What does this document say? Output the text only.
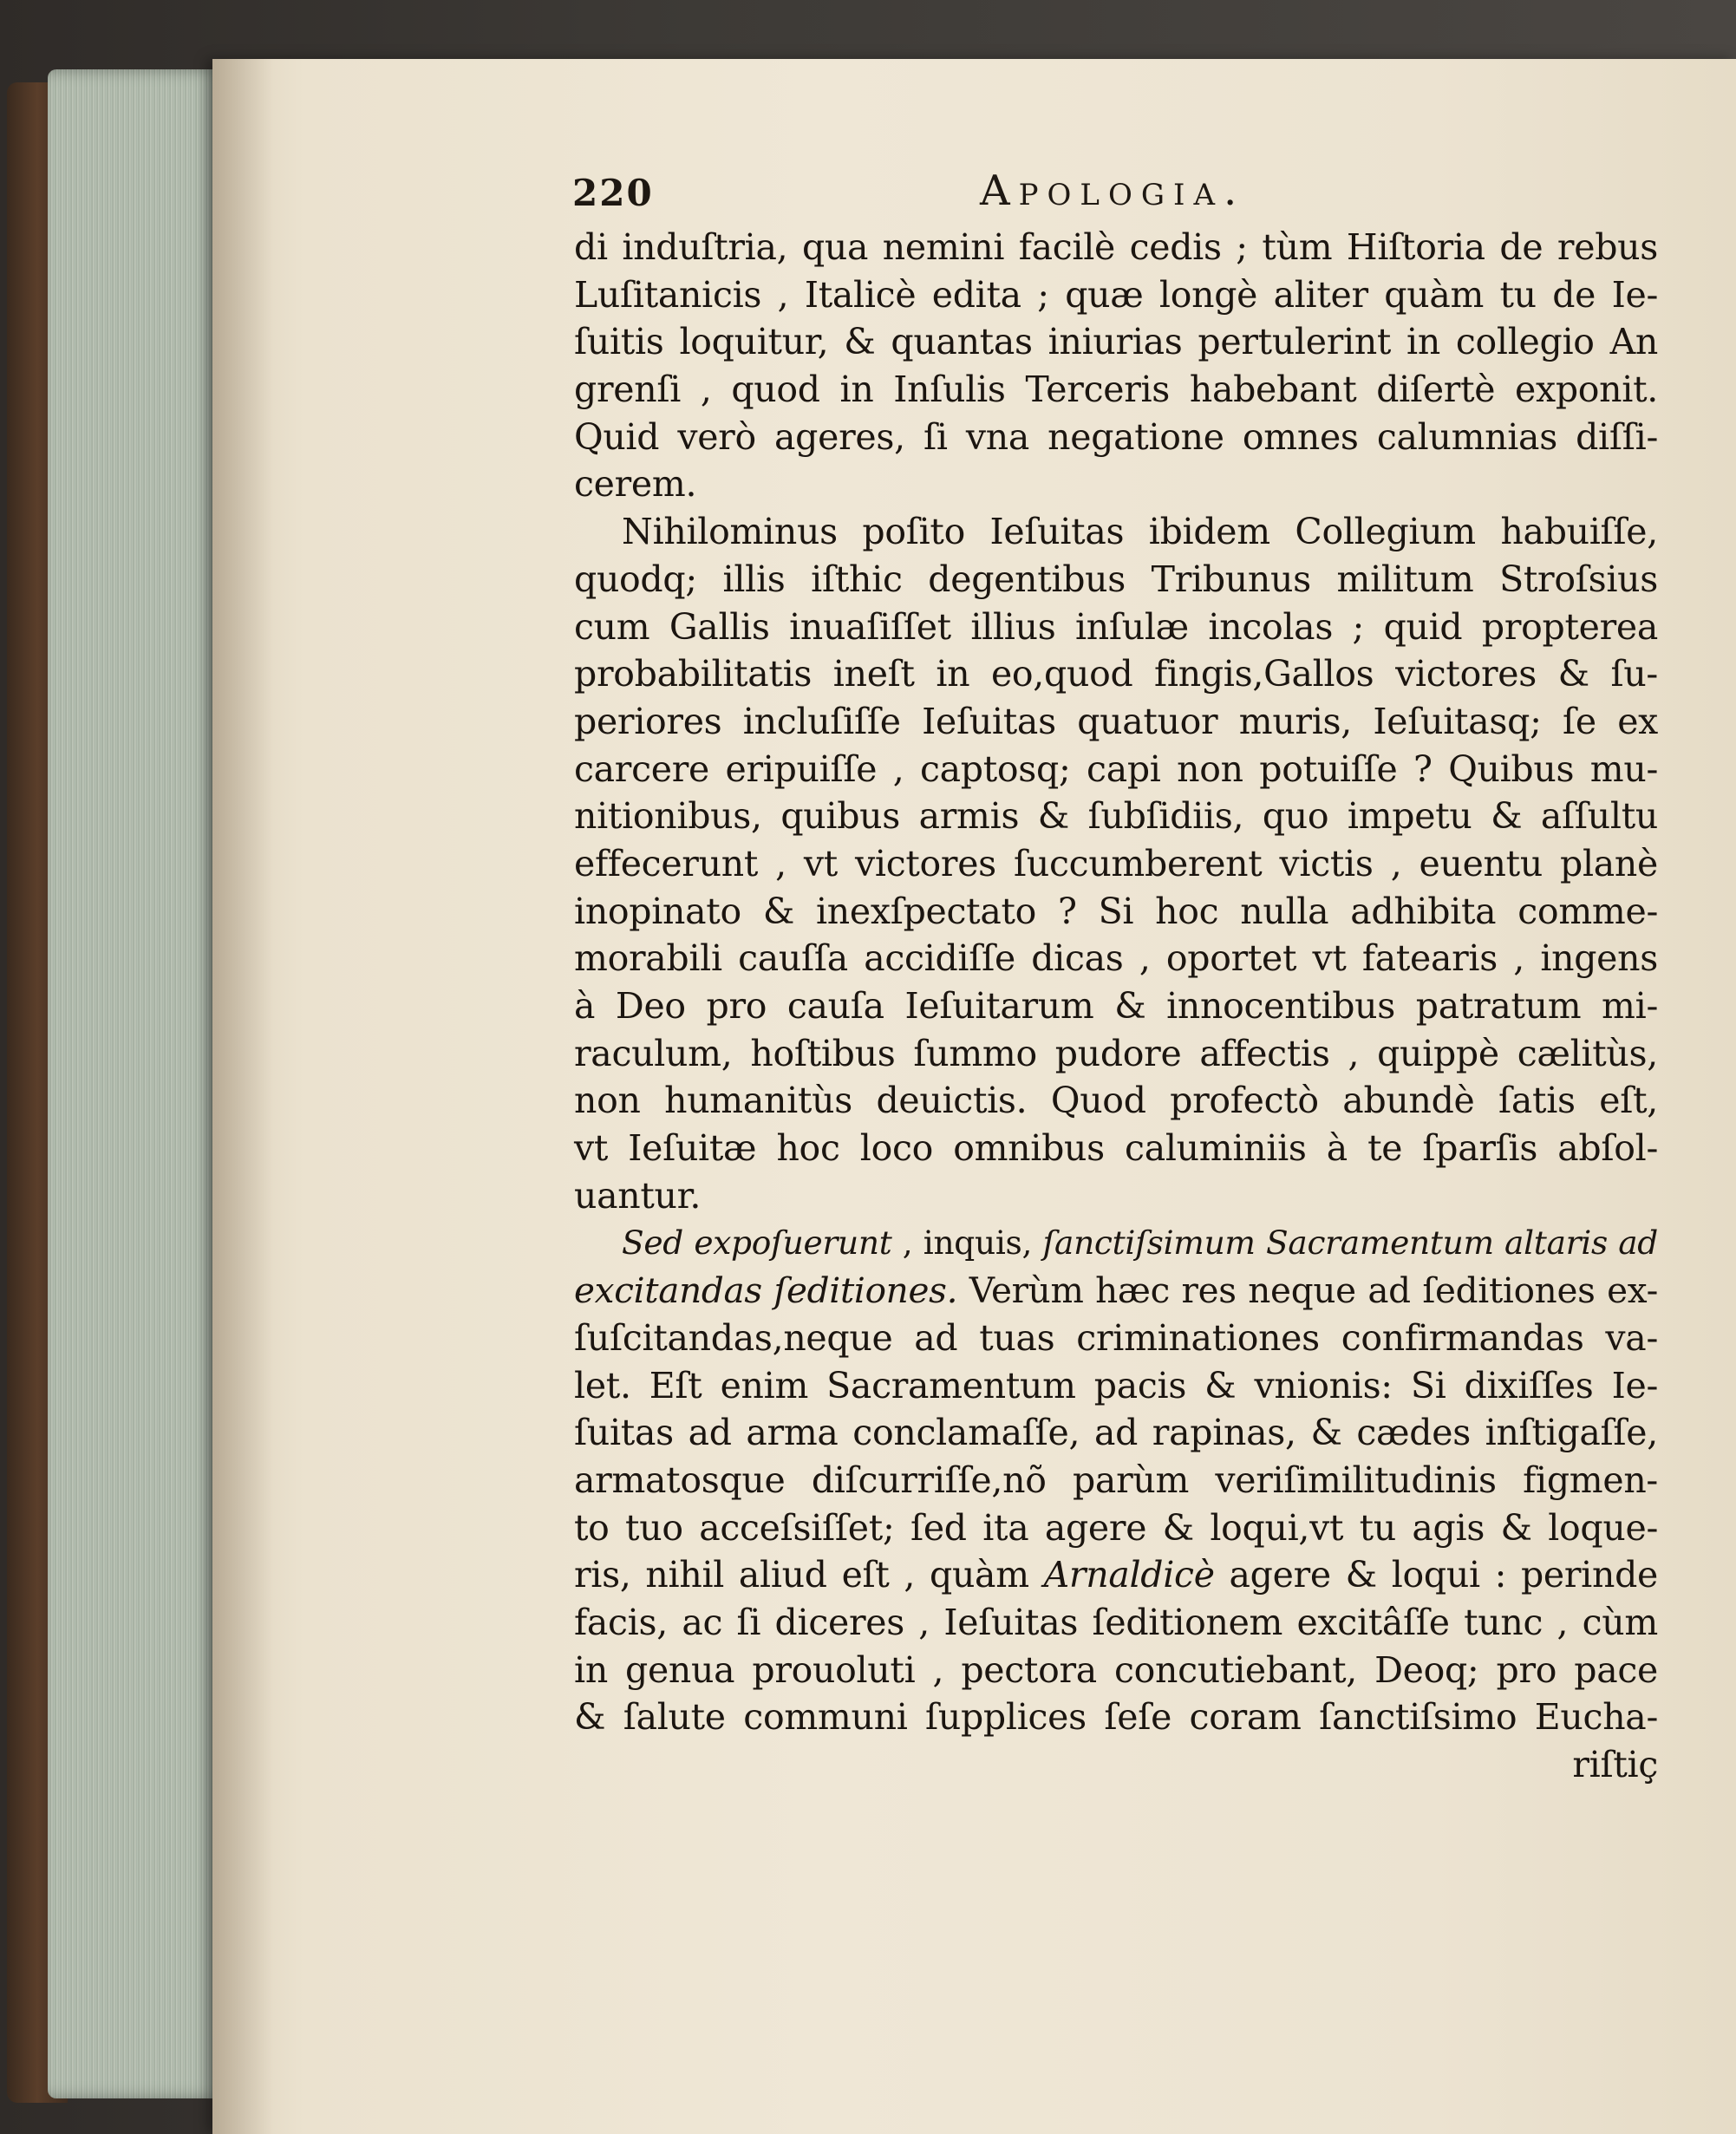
220	Apologia.
di induſtria, qua nemini facilè cedis ; tùm Hiſtoria de rebus
Luſitanicis , Italicè edita ; quæ longè aliter quàm tu de Ie-
ſuitis loquitur, & quantas iniurias pertulerint in collegio An
grenſi , quod in Inſulis Terceris habebant diſertè exponit.
Quid verò ageres, ſi vna negatione omnes calumnias diſſi-
cerem.
Nihilominus poſito Ieſuitas ibidem Collegium habuiſſe,
quodq; illis iſthic degentibus Tribunus militum Stroſsius
cum Gallis inuaſiſſet illius inſulæ incolas ; quid propterea
probabilitatis ineſt in eo,quod fingis,Gallos victores & ſu-
periores incluſiſſe Ieſuitas quatuor muris, Ieſuitasq; ſe ex
carcere eripuiſſe , captosq; capi non potuiſſe ? Quibus mu-
nitionibus, quibus armis & ſubſidiis, quo impetu & aſſultu
effecerunt , vt victores ſuccumberent victis , euentu planè
inopinato & inexſpectato ? Si hoc nulla adhibita comme-
morabili cauſſa accidiſſe dicas , oportet vt fatearis , ingens
à Deo pro cauſa Ieſuitarum & innocentibus patratum mi-
raculum, hoſtibus ſummo pudore affectis , quippè cælitùs,
non humanitùs deuictis. Quod profectò abundè ſatis eſt,
vt Ieſuitæ hoc loco omnibus caluminiis à te ſparſis abſol-
uantur.
Sed expoſuerunt , inquis, ſanctiſsimum Sacramentum altaris ad
excitandas ſeditiones. Verùm hæc res neque ad ſeditiones ex-
ſuſcitandas,neque ad tuas criminationes confirmandas va-
let. Eſt enim Sacramentum pacis & vnionis: Si dixiſſes Ie-
ſuitas ad arma conclamaſſe, ad rapinas, & cædes inſtigaſſe,
armatosque diſcurriſſe,nõ parùm veriſimilitudinis figmen-
to tuo acceſsiſſet; ſed ita agere & loqui,vt tu agis & loque-
ris, nihil aliud eſt , quàm Arnaldicè agere & loqui : perinde
facis, ac ſi diceres , Ieſuitas ſeditionem excitâſſe tunc , cùm
in genua prouoluti , pectora concutiebant, Deoq; pro pace
& ſalute communi ſupplices ſeſe coram ſanctiſsimo Eucha-
riſtiç
